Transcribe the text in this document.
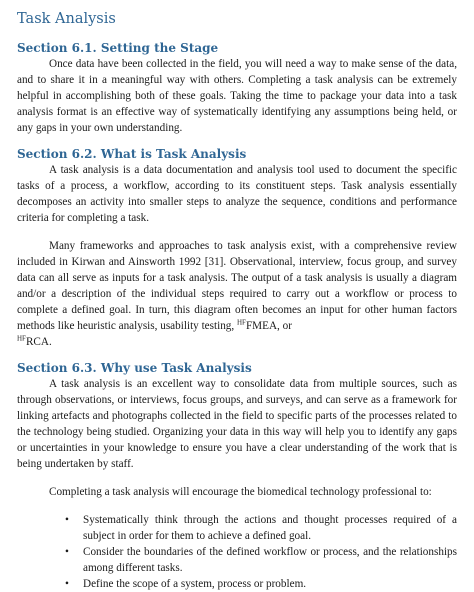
Task Analysis
Section 6.1. Setting the Stage

Once data have been collected in the field, you will need a way to make sense of the data, and to share it in a meaningful way with others. Completing a task analysis can be extremely helpful in accomplishing both of these goals. Taking the time to package your data into a task analysis format is an effective way of systematically identifying any assumptions being held, or any gaps in your own understanding.

Section 6.2. What is Task Analysis

A task analysis is a data documentation and analysis tool used to document the specific tasks of a process, a workflow, according to its constituent steps. Task analysis essentially decomposes an activity into smaller steps to analyze the sequence, conditions and performance criteria for completing a task.

Many frameworks and approaches to task analysis exist, with a comprehensive review included in Kirwan and Ainsworth 1992 [31]. Observational, interview, focus group, and survey data can all serve as inputs for a task analysis. The output of a task analysis is usually a diagram and/or a description of the individual steps required to carry out a workflow or process to complete a defined goal. In turn, this diagram often becomes an input for other human factors methods like heuristic analysis, usability testing, $^{HF}$FMEA, or
$^{HF}$RCA.

Section 6.3. Why use Task Analysis

A task analysis is an excellent way to consolidate data from multiple sources, such as through observations, or interviews, focus groups, and surveys, and can serve as a framework for linking artefacts and photographs collected in the field to specific parts of the processes related to the technology being studied. Organizing your data in this way will help you to identify any gaps or uncertainties in your knowledge to ensure you have a clear understanding of the work that is being undertaken by staff.

Completing a task analysis will encourage the biomedical technology professional to:

• Systematically think through the actions and thought processes required of a subject in order for them to achieve a defined goal.
• Consider the boundaries of the defined workflow or process, and the relationships among different tasks.
• Define the scope of a system, process or problem.
